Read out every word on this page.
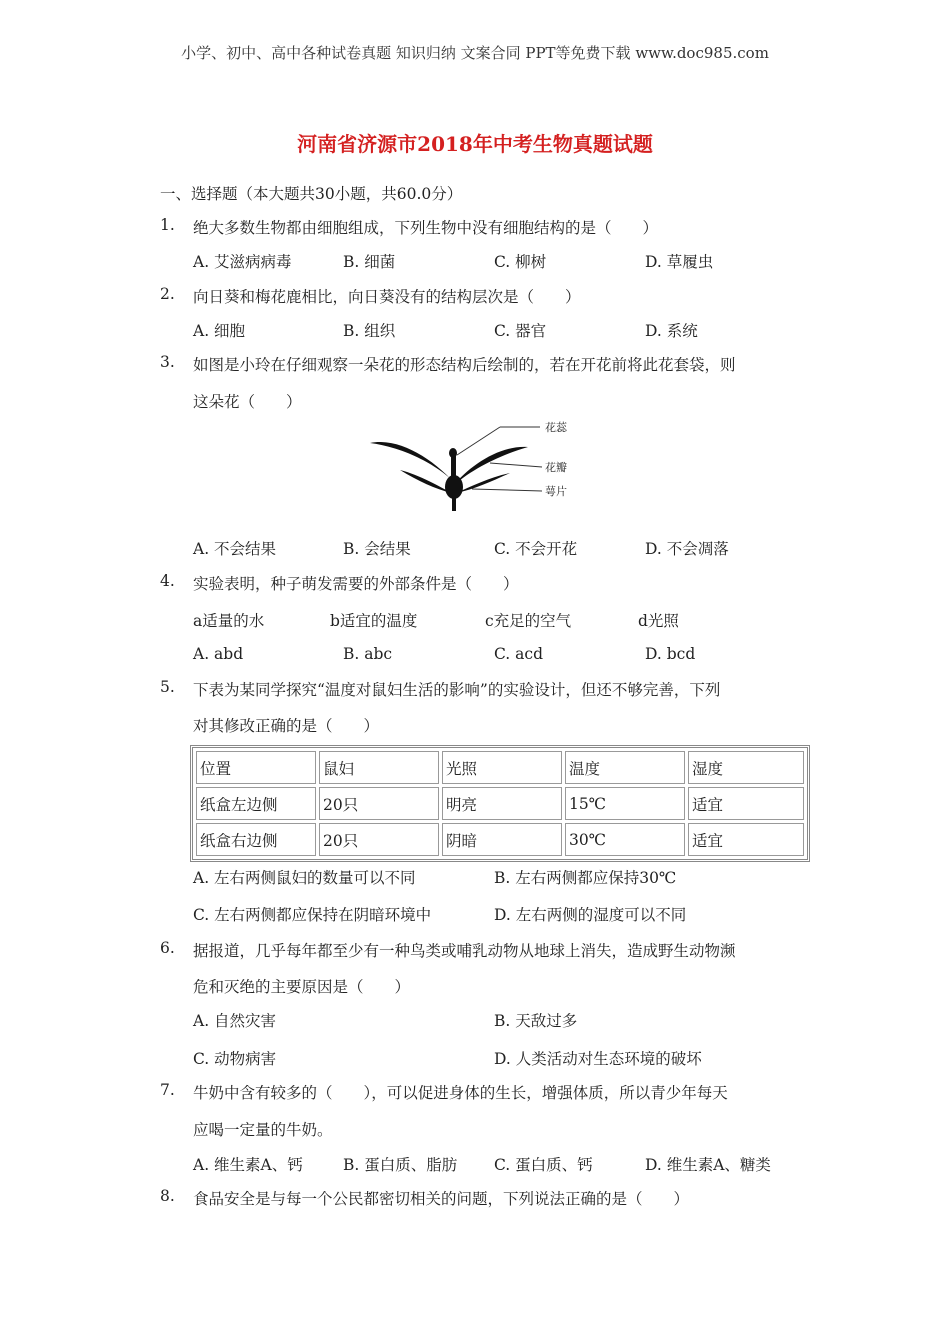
小学、初中、高中各种试卷真题 知识归纳 文案合同 PPT等免费下载 www.doc985.com
河南省济源市2018年中考生物真题试题
一、选择题（本大题共30小题，共60.0分）
1. 绝大多数生物都由细胞组成，下列生物中没有细胞结构的是（　　）
A. 艾滋病病毒	B. 细菌	C. 柳树	D. 草履虫
2. 向日葵和梅花鹿相比，向日葵没有的结构层次是（　　）
A. 细胞	B. 组织	C. 器官	D. 系统
3. 如图是小玲在仔细观察一朵花的形态结构后绘制的，若在开花前将此花套袋，则
这朵花（　　）
花蕊
花瓣
萼片
A. 不会结果	B. 会结果	C. 不会开花	D. 不会凋落
4. 实验表明，种子萌发需要的外部条件是（　　）
a适量的水	b适宜的温度	c充足的空气	d光照
A. abd	B. abc	C. acd	D. bcd
5. 下表为某同学探究“温度对鼠妇生活的影响”的实验设计，但还不够完善，下列
对其修改正确的是（　　）
位置	鼠妇	光照	温度	湿度
纸盒左边侧	20只	明亮	15℃	适宜
纸盒右边侧	20只	阴暗	30℃	适宜
A. 左右两侧鼠妇的数量可以不同	B. 左右两侧都应保持30℃
C. 左右两侧都应保持在阴暗环境中	D. 左右两侧的湿度可以不同
6. 据报道，几乎每年都至少有一种鸟类或哺乳动物从地球上消失，造成野生动物濒
危和灭绝的主要原因是（　　）
A. 自然灾害	B. 天敌过多
C. 动物病害	D. 人类活动对生态环境的破坏
7. 牛奶中含有较多的（　　），可以促进身体的生长，增强体质，所以青少年每天
应喝一定量的牛奶。
A. 维生素A、钙	B. 蛋白质、脂肪 C. 蛋白质、钙	D. 维生素A、糖类
8. 食品安全是与每一个公民都密切相关的问题，下列说法正确的是（　　）
